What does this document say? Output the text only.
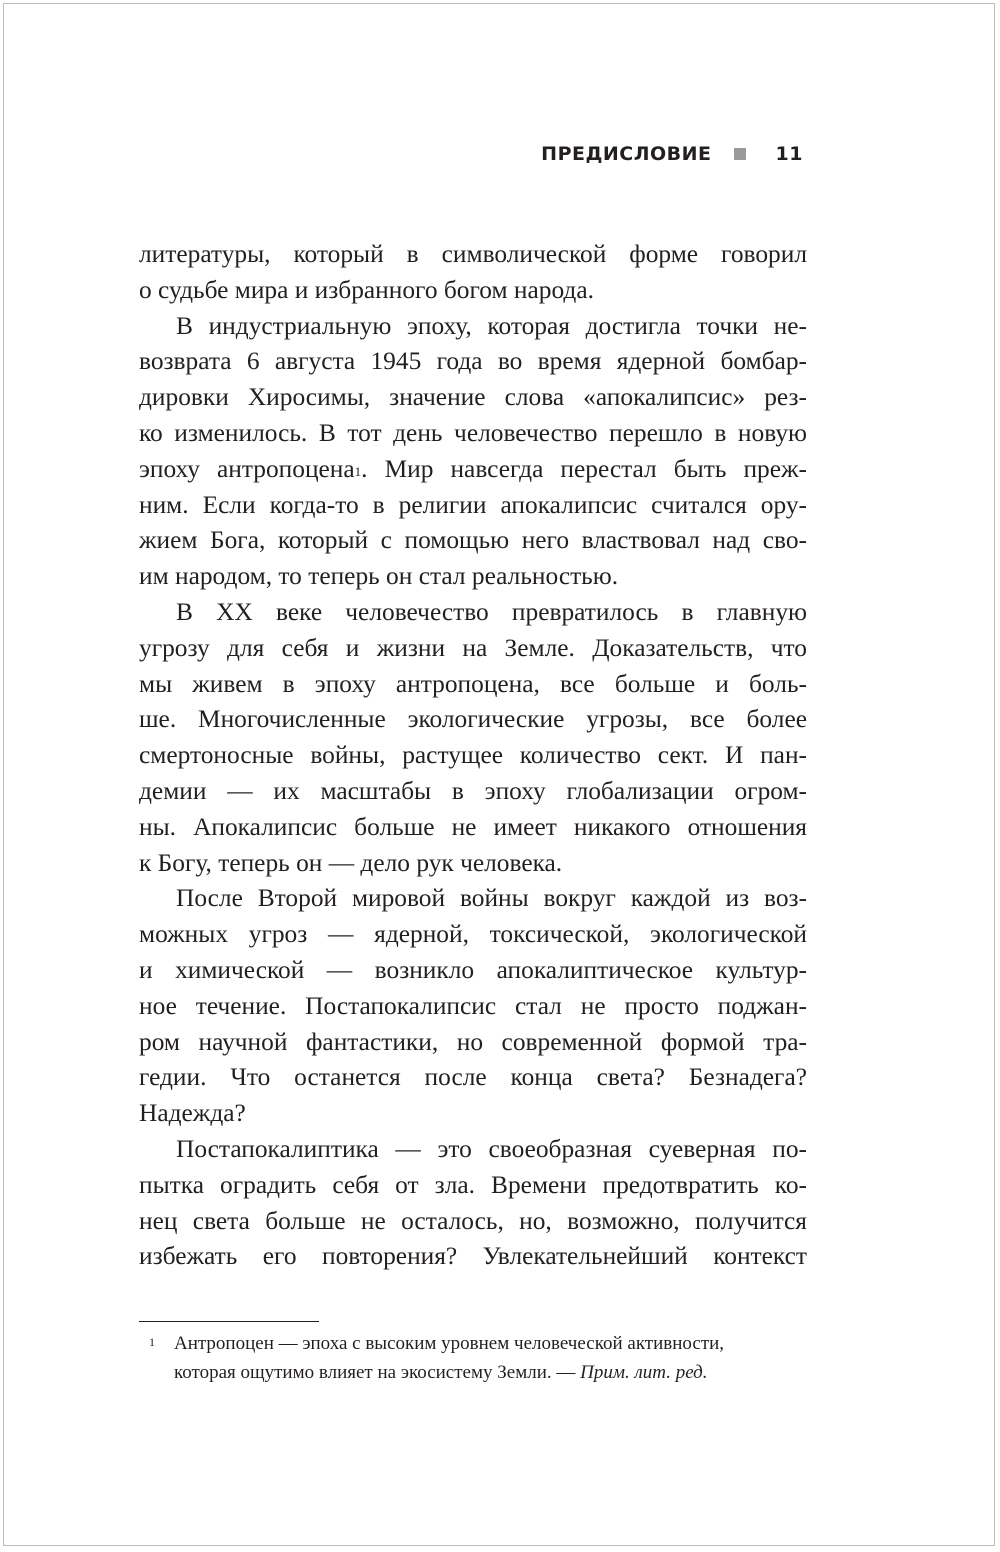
ПРЕДИСЛОВИЕ	11
литературы, который в символической форме говорил
о судьбе мира и избранного богом народа.
В индустриальную эпоху, которая достигла точки не-
возврата 6 августа 1945 года во время ядерной бомбар-
дировки Хиросимы, значение слова «апокалипсис» рез-
ко изменилось. В тот день человечество перешло в новую
эпоху антропоцена$^1$. Мир навсегда перестал быть преж-
ним. Если когда-то в религии апокалипсис считался ору-
жием Бога, который с помощью него властвовал над сво-
им народом, то теперь он стал реальностью.
В XX веке человечество превратилось в главную
угрозу для себя и жизни на Земле. Доказательств, что
мы живем в эпоху антропоцена, все больше и боль-
ше. Многочисленные экологические угрозы, все более
смертоносные войны, растущее количество сект. И пан-
демии — их масштабы в эпоху глобализации огром-
ны. Апокалипсис больше не имеет никакого отношения
к Богу, теперь он — дело рук человека.
После Второй мировой войны вокруг каждой из воз-
можных угроз — ядерной, токсической, экологической
и химической — возникло апокалиптическое культур-
ное течение. Постапокалипсис стал не просто поджан-
ром научной фантастики, но современной формой тра-
гедии. Что останется после конца света? Безнадега?
Надежда?
Постапокалиптика — это своеобразная суеверная по-
пытка оградить себя от зла. Времени предотвратить ко-
нец света больше не осталось, но, возможно, получится
избежать его повторения? Увлекательнейший контекст
1 Антропоцен — эпоха с высоким уровнем человеческой активности,
которая ощутимо влияет на экосистему Земли. — Прим. лит. ред.
